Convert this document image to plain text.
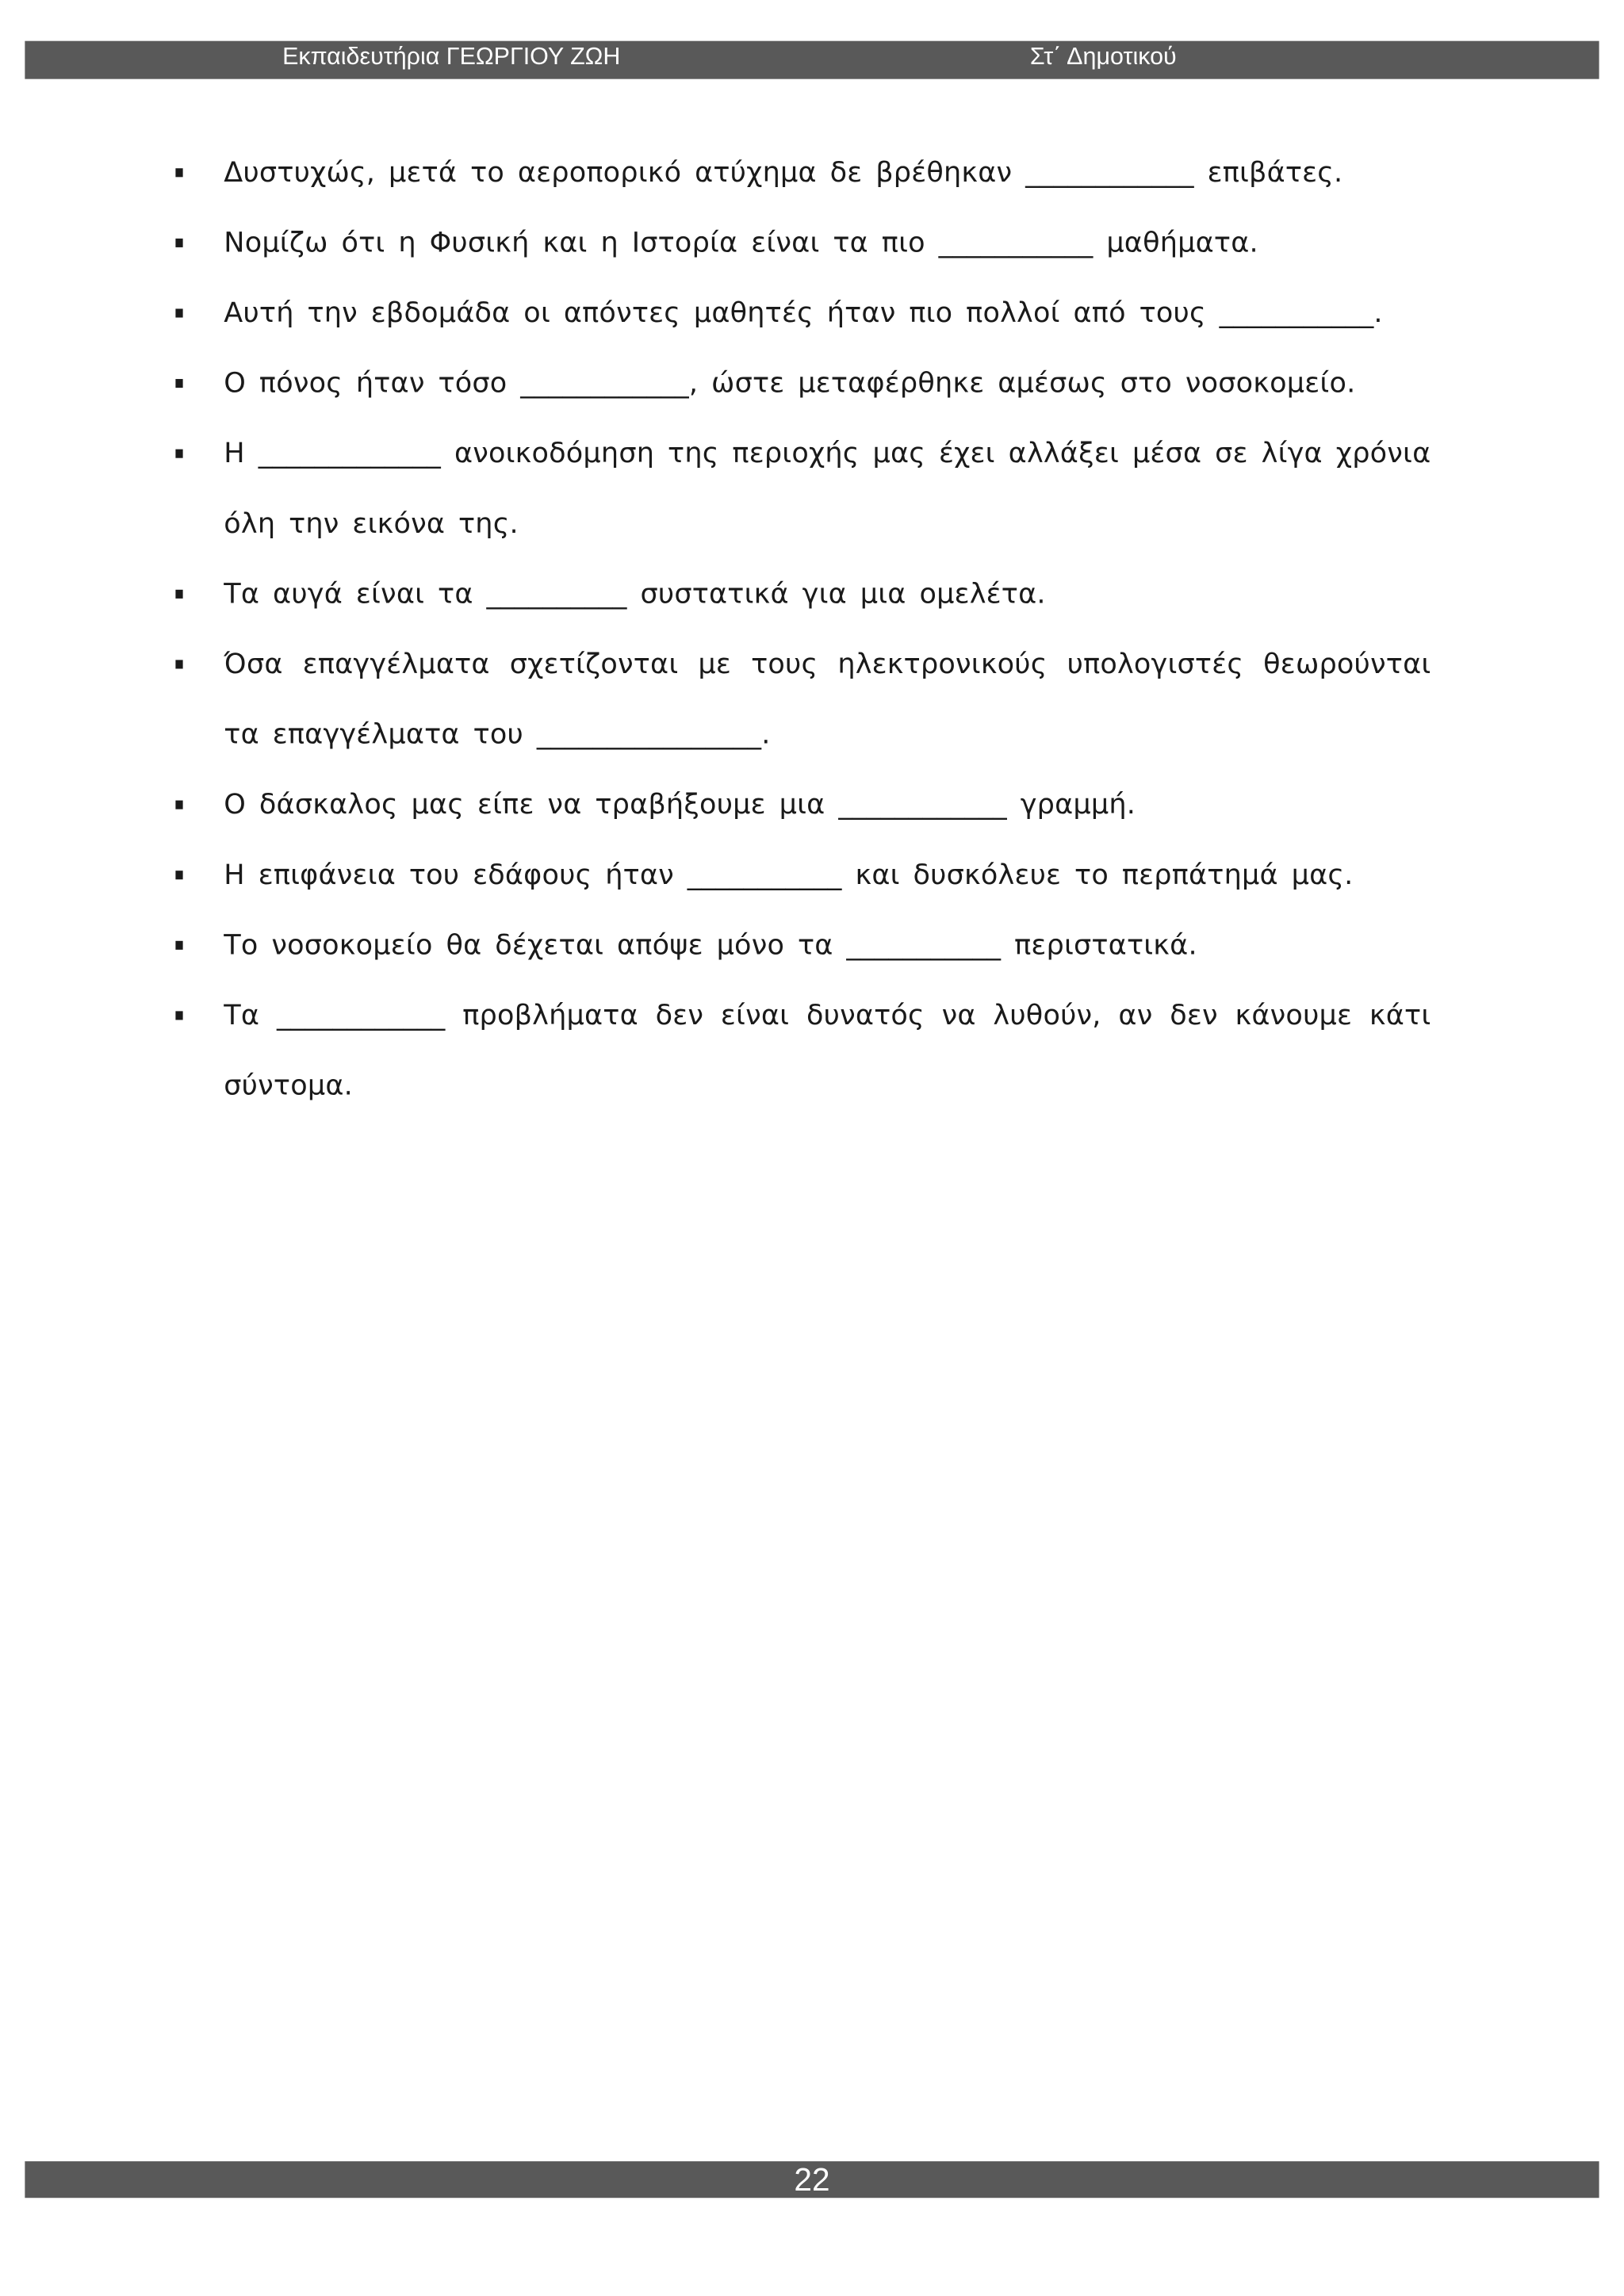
Εκπαιδευτήρια ΓΕΩΡΓΙΟΥ ΖΩΗ	Στ΄ Δημοτικού
Δυστυχώς, μετά το αεροπορικό ατύχημα δε βρέθηκαν ____________ επιβάτες.
Νομίζω ότι η Φυσική και η Ιστορία είναι τα πιο ___________ μαθήματα.
Αυτή την εβδομάδα οι απόντες μαθητές ήταν πιο πολλοί από τους ___________.
Ο πόνος ήταν τόσο ____________, ώστε μεταφέρθηκε αμέσως στο νοσοκομείο.
Η _____________ ανοικοδόμηση της περιοχής μας έχει αλλάξει μέσα σε λίγα χρόνια όλη την εικόνα της.
Τα αυγά είναι τα __________ συστατικά για μια ομελέτα.
Όσα επαγγέλματα σχετίζονται με τους ηλεκτρονικούς υπολογιστές θεωρούνται τα επαγγέλματα του ________________.
Ο δάσκαλος μας είπε να τραβήξουμε μια ____________ γραμμή.
Η επιφάνεια του εδάφους ήταν ___________ και δυσκόλευε το περπάτημά μας.
Το νοσοκομείο θα δέχεται απόψε μόνο τα ___________ περιστατικά.
Τα ____________ προβλήματα δεν είναι δυνατός να λυθούν, αν δεν κάνουμε κάτι σύντομα.
22
